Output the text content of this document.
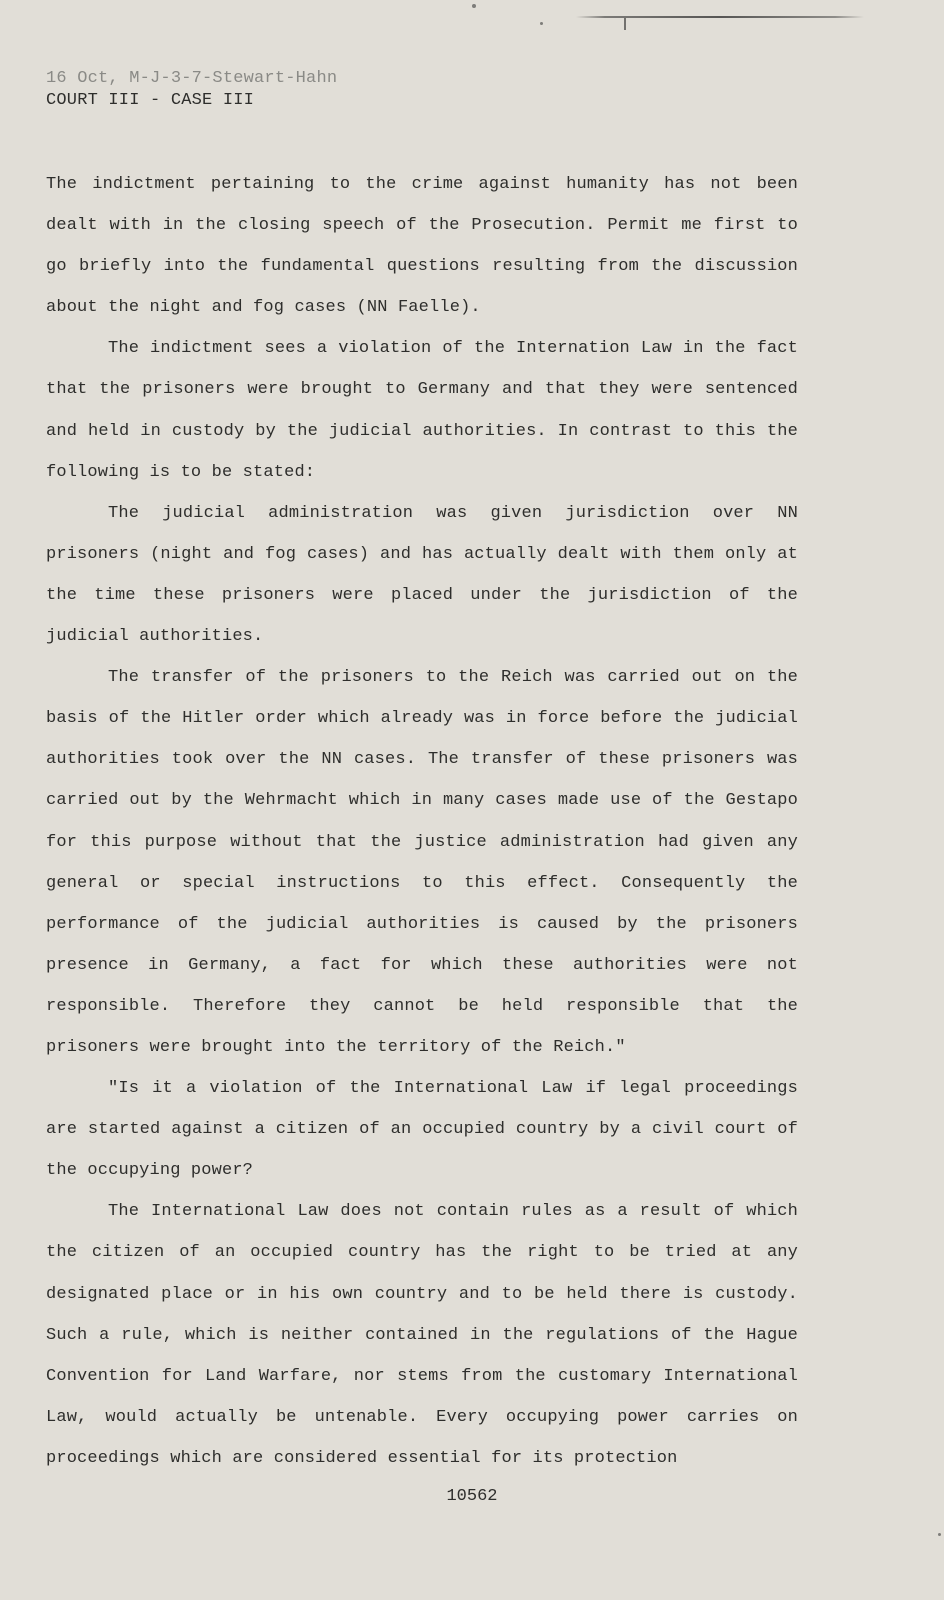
16 Oct, M-J-3-7-Stewart-Hahn
COURT III - CASE III

The indictment pertaining to the crime against humanity has not been dealt with in the closing speech of the Prosecution. Permit me first to go briefly into the fundamental questions resulting from the discussion about the night and fog cases (NN Faelle).

The indictment sees a violation of the Internation Law in the fact that the prisoners were brought to Germany and that they were sentenced and held in custody by the judicial authorities. In contrast to this the following is to be stated:

The judicial administration was given jurisdiction over NN prisoners (night and fog cases) and has actually dealt with them only at the time these prisoners were placed under the jurisdiction of the judicial authorities.

The transfer of the prisoners to the Reich was carried out on the basis of the Hitler order which already was in force before the judicial authorities took over the NN cases. The transfer of these prisoners was carried out by the Wehrmacht which in many cases made use of the Gestapo for this purpose without that the justice administration had given any general or special instructions to this effect. Consequently the performance of the judicial authorities is caused by the prisoners presence in Germany, a fact for which these authorities were not responsible. Therefore they cannot be held responsible that the prisoners were brought into the territory of the Reich."

"Is it a violation of the International Law if legal proceedings are started against a citizen of an occupied country by a civil court of the occupying power?

The International Law does not contain rules as a result of which the citizen of an occupied country has the right to be tried at any designated place or in his own country and to be held there is custody. Such a rule, which is neither contained in the regulations of the Hague Convention for Land Warfare, nor stems from the customary International Law, would actually be untenable. Every occupying power carries on proceedings which are considered essential for its protection

10562
